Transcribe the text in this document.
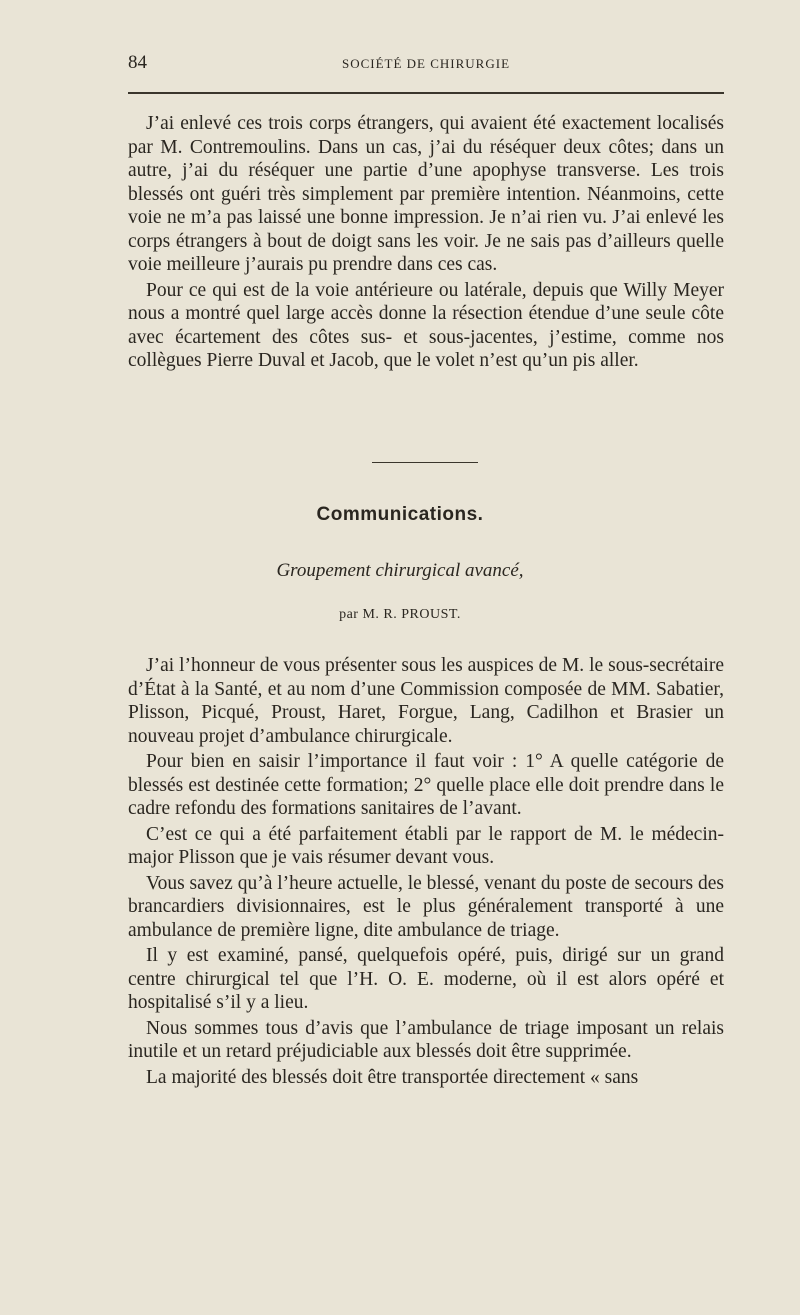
84	SOCIÉTÉ DE CHIRURGIE

J’ai enlevé ces trois corps étrangers, qui avaient été exactement localisés par M. Contremoulins. Dans un cas, j’ai du réséquer deux côtes; dans un autre, j’ai du réséquer une partie d’une apophyse transverse. Les trois blessés ont guéri très simplement par première intention. Néanmoins, cette voie ne m’a pas laissé une bonne impression. Je n’ai rien vu. J’ai enlevé les corps étrangers à bout de doigt sans les voir. Je ne sais pas d’ailleurs quelle voie meilleure j’aurais pu prendre dans ces cas.

Pour ce qui est de la voie antérieure ou latérale, depuis que Willy Meyer nous a montré quel large accès donne la résection étendue d’une seule côte avec écartement des côtes sus- et sous-jacentes, j’estime, comme nos collègues Pierre Duval et Jacob, que le volet n’est qu’un pis aller.

Communications.
Groupement chirurgical avancé,
par M. R. PROUST.

J’ai l’honneur de vous présenter sous les auspices de M. le sous-secrétaire d’État à la Santé, et au nom d’une Commission composée de MM. Sabatier, Plisson, Picqué, Proust, Haret, Forgue, Lang, Cadilhon et Brasier un nouveau projet d’ambulance chirurgicale.

Pour bien en saisir l’importance il faut voir : 1° A quelle catégorie de blessés est destinée cette formation; 2° quelle place elle doit prendre dans le cadre refondu des formations sanitaires de l’avant.

C’est ce qui a été parfaitement établi par le rapport de M. le médecin-major Plisson que je vais résumer devant vous.

Vous savez qu’à l’heure actuelle, le blessé, venant du poste de secours des brancardiers divisionnaires, est le plus généralement transporté à une ambulance de première ligne, dite ambulance de triage.

Il y est examiné, pansé, quelquefois opéré, puis, dirigé sur un grand centre chirurgical tel que l’H. O. E. moderne, où il est alors opéré et hospitalisé s’il y a lieu.

Nous sommes tous d’avis que l’ambulance de triage imposant un relais inutile et un retard préjudiciable aux blessés doit être supprimée.

La majorité des blessés doit être transportée directement « sans
